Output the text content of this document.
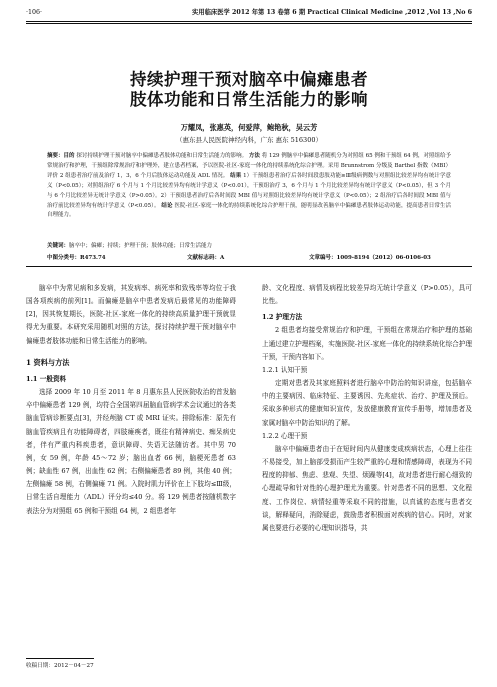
·106·	实用临床医学 2012 年第 13 卷第 6 期 Practical Clinical Medicine ,2012 ,Vol 13 ,No 6
持续护理干预对脑卒中偏瘫患者
肢体功能和日常生活能力的影响
万耀凤，张惠英，何爱萍，鲍艳秋，吴云芳
（惠东县人民医院神经内科，广东 惠东 516300）
摘要：目的 探讨持续护理干预对脑卒中偏瘫患者肢体功能和日常生活能力的影响。 方法 将 129 例脑卒中偏瘫患者随机分为对照组 65 例和干预组 64 例，对照组给予常规治疗和护理，干预组除常规治疗和护理外，建立患者档案，予以医院-社区-家庭一体化的持续系统化综合护理。采用 Brunnstrom 分级及 Barthel 指数（MBI）评价 2 组患者治疗前及治疗 1，3，6 个月后肢体运动功能及 ADL 情况。 结果 1）干预组患者治疗后各时间段患肢功能≥Ⅲ级病例数与对照组比较差异均有统计学意义（P<0.05）；对照组治疗 6 个月与 1 个月比较差异均有统计学意义（P<0.01），干预组治疗 3，6 个月与 1 个月比较差异均有统计学意义（P<0.05），但 3 个月与 6 个月比较差异无统计学意义（P>0.05）。2）干预组患者治疗后各时间段 MBI 值与对照组比较差异均有统计学意义（P<0.05）；2 组治疗后各时间段 MBI 值与治疗前比较差异均有统计学意义（P<0.05）。 结论 医院-社区-家庭一体化的持续系统化综合护理干预，能明显改善脑卒中偏瘫患者肢体运动功能，提高患者日常生活自理能力。
关键词：脑卒中；偏瘫；持续；护理干预；肢体功能；日常生活能力
中图分类号：R473.74	文献标志码：A	文章编号：1009-8194（2012）06-0106-03

脑卒中为常见病和多发病，其发病率、病死率和致残率等均位于我国各项疾病的前列[1]。而偏瘫是脑卒中患者发病后最常见的功能障碍[2]，因其恢复期长，医院-社区-家庭一体化的持续高质量护理干预就显得尤为重要。本研究采用随机对照的方法，探讨持续护理干预对脑卒中偏瘫患者肢体功能和日常生活能力的影响。

1 资料与方法
1.1 一般资料

选择 2009 年 10 月至 2011 年 8 月惠东县人民医院收治的首发脑卒中偏瘫患者 129 例，均符合全国第四届脑血管病学术会议通过的各类脑血管病诊断要点[3]，并经颅脑 CT 或 MRI 证实。排除标准：原先有脑血管疾病且有功能障碍者，四肢瘫痪者，既往有精神病史、痴呆病史者，伴有严重内科疾患者，意识障碍、失语无法随访者。其中男 70 例，女 59 例，年龄 45～72 岁；脑出血者 66 例，脑梗死患者 63 例；缺血性 67 例，出血性 62 例；右侧偏瘫患者 89 例，其他 40 例；左侧偏瘫 58 例，右侧偏瘫 71 例。入院时肌力评价在上下肢均≤Ⅲ级，日常生活自理能力（ADL）评分均≤40 分。将 129 例患者按随机数字表法分为对照组 65 例和干预组 64 例，2 组患者年

龄、文化程度、病情及病程比较差异均无统计学意义（P>0.05），具可比性。

1.2 护理方法

2 组患者均接受常规治疗和护理，干预组在常规治疗和护理的基础上通过建立护理档案，实施医院-社区-家庭一体化的持续系统化综合护理干预，干预内容如下。

1.2.1 认知干预

定期对患者及其家庭照料者进行脑卒中防治的知识讲座，包括脑卒中的主要病因、临床特征、主要诱因、先兆症状、治疗、护理及预后。采取多种形式的健康知识宣传，发放健康教育宣传手册等，增加患者及家属对脑卒中防治知识的了解。

1.2.2 心理干预

脑卒中偏瘫患者由于在短时间内从健康变成疾病状态，心理上往往不易接受，加上脑部受损而产生较严重的心理和情感障碍，表现为不同程度的抑郁、焦虑、悲观、失望、烦躁等[4]，故对患者进行耐心细致的心理疏导和针对性的心理护理尤为重要。针对患者不同的思想、文化程度、工作岗位、病情轻重等采取不同的措施，以真诚的态度与患者交谈，解释疑问，消除疑虑，鼓励患者积极面对疾病的信心。同时，对家属也要进行必要的心理知识指导，共

收稿日期：2012－04－27
